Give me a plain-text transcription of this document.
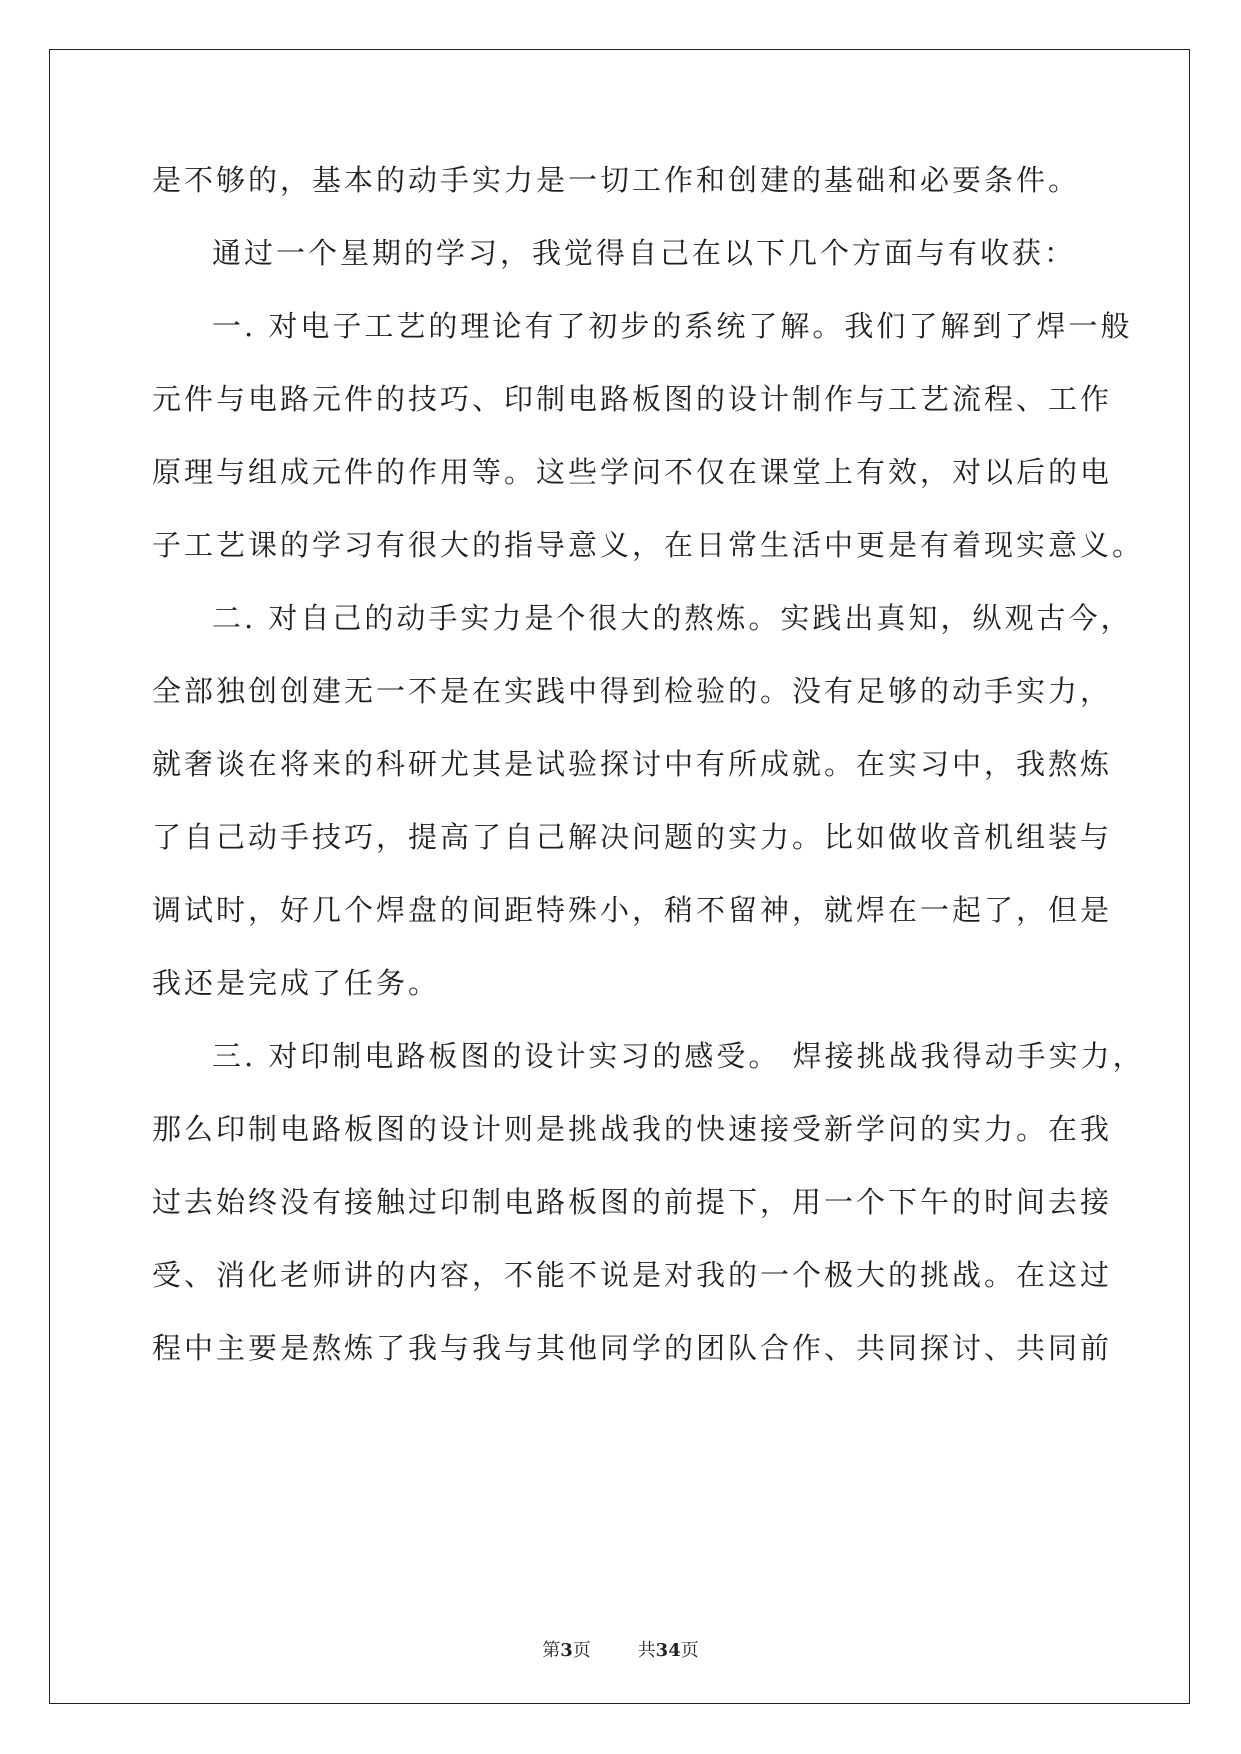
是不够的，基本的动手实力是一切工作和创建的基础和必要条件。
通过一个星期的学习，我觉得自己在以下几个方面与有收获：
一. 对电子工艺的理论有了初步的系统了解。我们了解到了焊一般
元件与电路元件的技巧、印制电路板图的设计制作与工艺流程、工作
原理与组成元件的作用等。这些学问不仅在课堂上有效，对以后的电
子工艺课的学习有很大的指导意义，在日常生活中更是有着现实意义。
二. 对自己的动手实力是个很大的熬炼。实践出真知，纵观古今，
全部独创创建无一不是在实践中得到检验的。没有足够的动手实力，
就奢谈在将来的科研尤其是试验探讨中有所成就。在实习中，我熬炼
了自己动手技巧，提高了自己解决问题的实力。比如做收音机组装与
调试时，好几个焊盘的间距特殊小，稍不留神，就焊在一起了，但是
我还是完成了任务。
三. 对印制电路板图的设计实习的感受。 焊接挑战我得动手实力，
那么印制电路板图的设计则是挑战我的快速接受新学问的实力。在我
过去始终没有接触过印制电路板图的前提下，用一个下午的时间去接
受、消化老师讲的内容，不能不说是对我的一个极大的挑战。在这过
程中主要是熬炼了我与我与其他同学的团队合作、共同探讨、共同前
第3页	共34页
